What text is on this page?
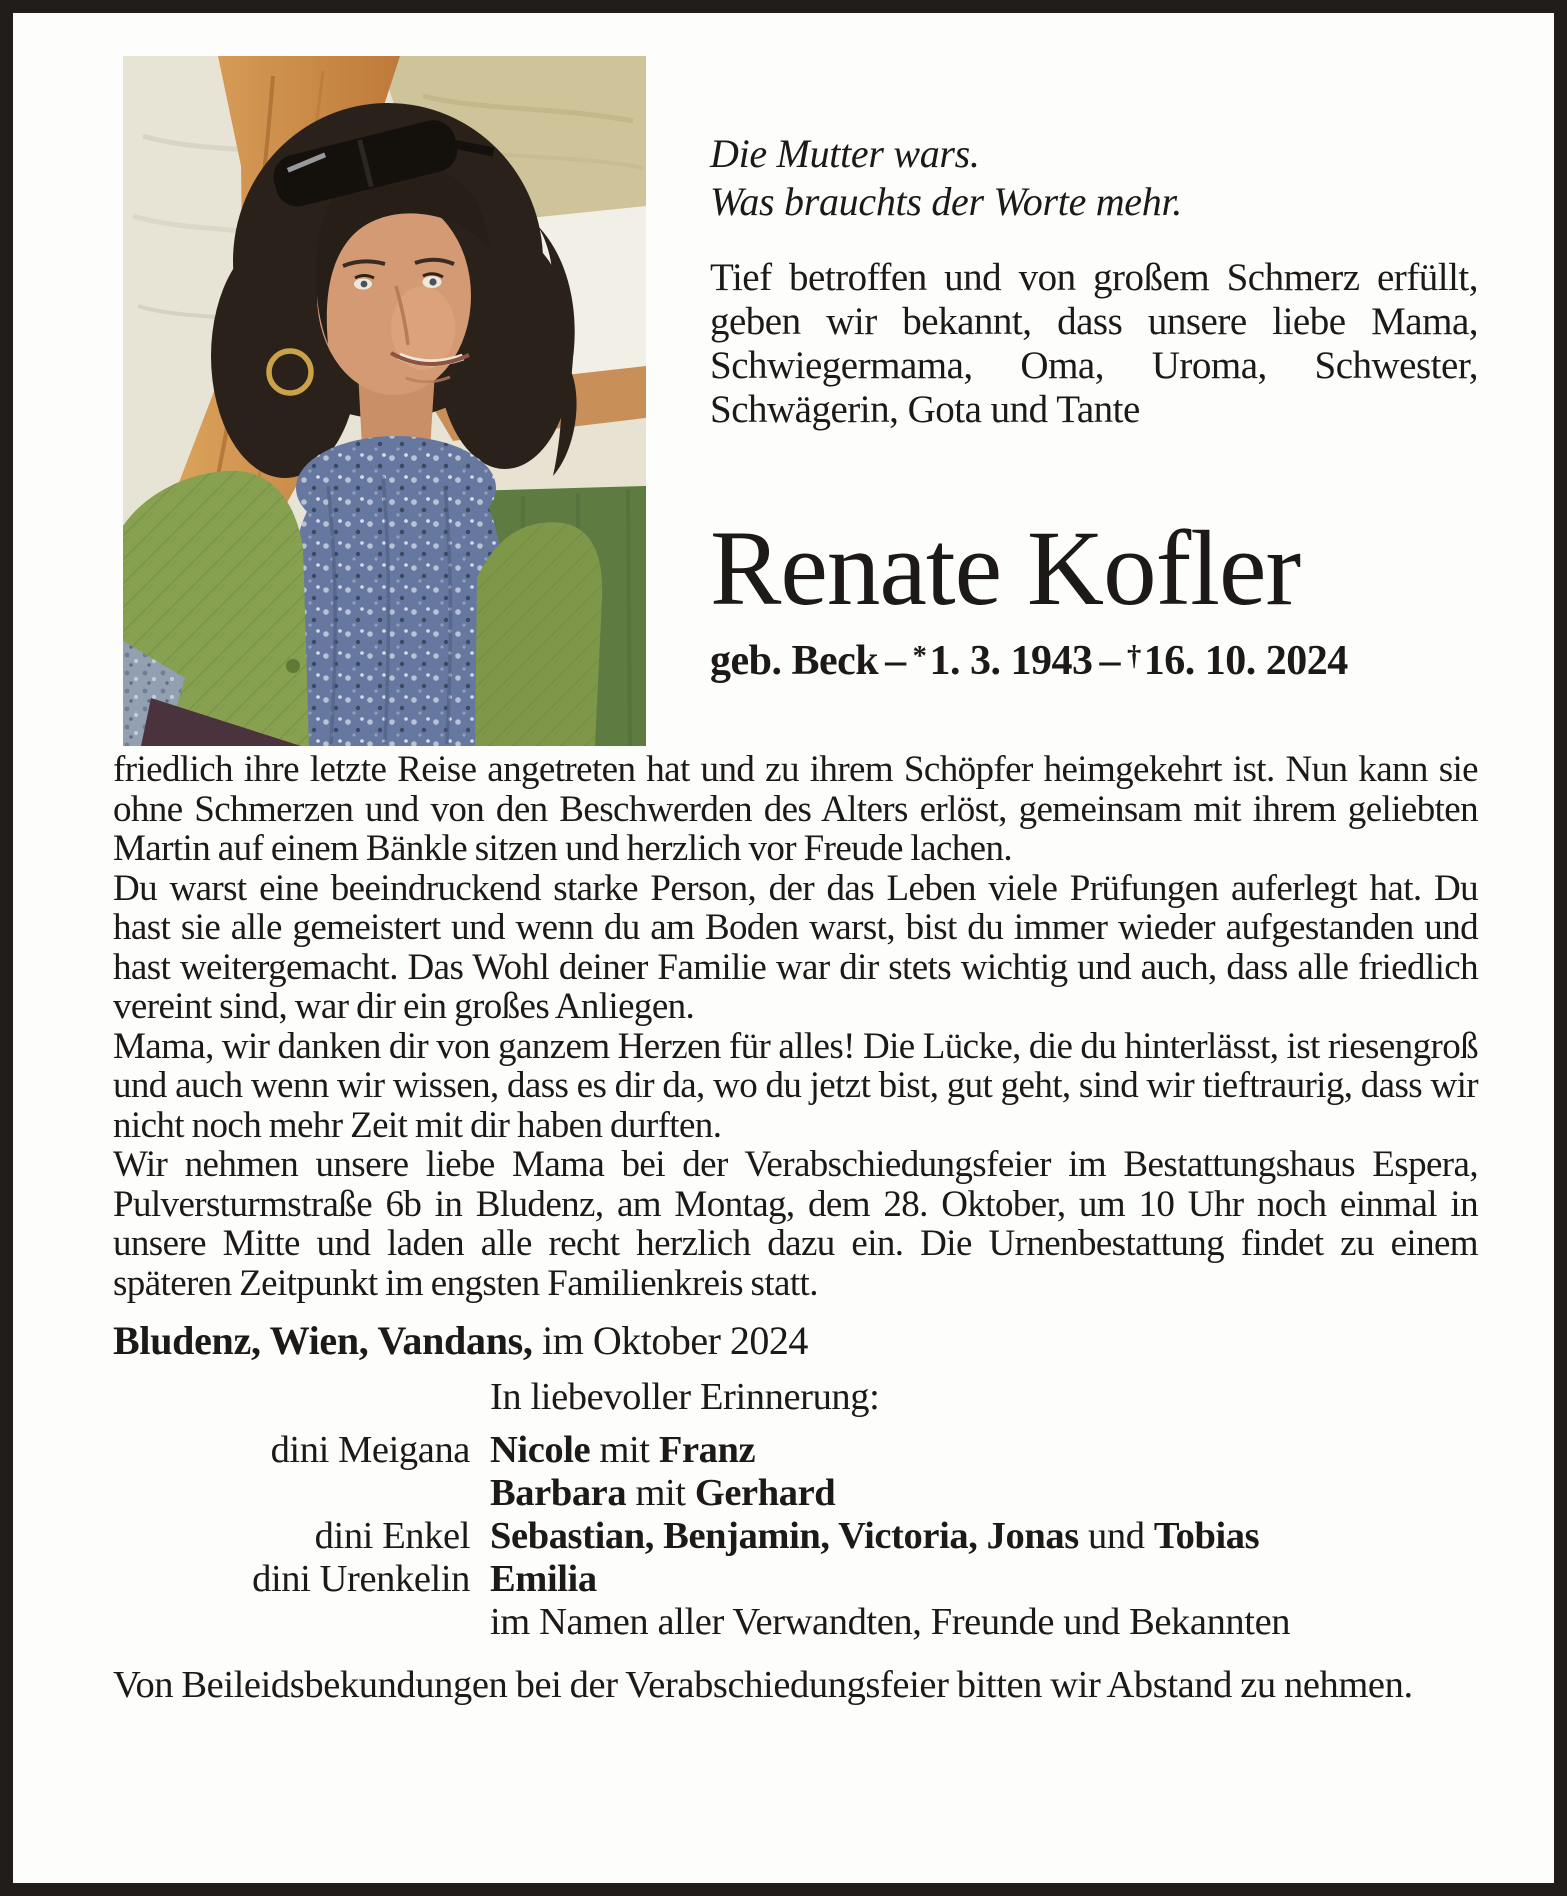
Die Mutter wars.
Was brauchts der Worte mehr.

Tief betroffen und von großem Schmerz erfüllt, geben wir bekannt, dass unsere liebe Mama, Schwiegermama, Oma, Uroma, Schwester, Schwägerin, Gota und Tante

Renate Kofler

geb. Beck – *1. 3. 1943 – †16. 10. 2024

friedlich ihre letzte Reise angetreten hat und zu ihrem Schöpfer heimgekehrt ist. Nun kann sie ohne Schmerzen und von den Beschwerden des Alters erlöst, gemeinsam mit ihrem geliebten Martin auf einem Bänkle sitzen und herzlich vor Freude lachen.

Du warst eine beeindruckend starke Person, der das Leben viele Prüfungen auferlegt hat. Du hast sie alle gemeistert und wenn du am Boden warst, bist du immer wieder aufgestanden und hast weitergemacht. Das Wohl deiner Familie war dir stets wichtig und auch, dass alle friedlich vereint sind, war dir ein großes Anliegen.

Mama, wir danken dir von ganzem Herzen für alles! Die Lücke, die du hinterlässt, ist riesengroß und auch wenn wir wissen, dass es dir da, wo du jetzt bist, gut geht, sind wir tieftraurig, dass wir nicht noch mehr Zeit mit dir haben durften.

Wir nehmen unsere liebe Mama bei der Verabschiedungsfeier im Bestattungshaus Espera, Pulversturmstraße 6b in Bludenz, am Montag, dem 28. Oktober, um 10 Uhr noch einmal in unsere Mitte und laden alle recht herzlich dazu ein. Die Urnenbestattung findet zu einem späteren Zeitpunkt im engsten Familienkreis statt.

Bludenz, Wien, Vandans, im Oktober 2024

In liebevoller Erinnerung:

dini Meigana Nicole mit Franz
Barbara mit Gerhard
dini Enkel Sebastian, Benjamin, Victoria, Jonas und Tobias
dini Urenkelin Emilia

im Namen aller Verwandten, Freunde und Bekannten

Von Beileidsbekundungen bei der Verabschiedungsfeier bitten wir Abstand zu nehmen.
